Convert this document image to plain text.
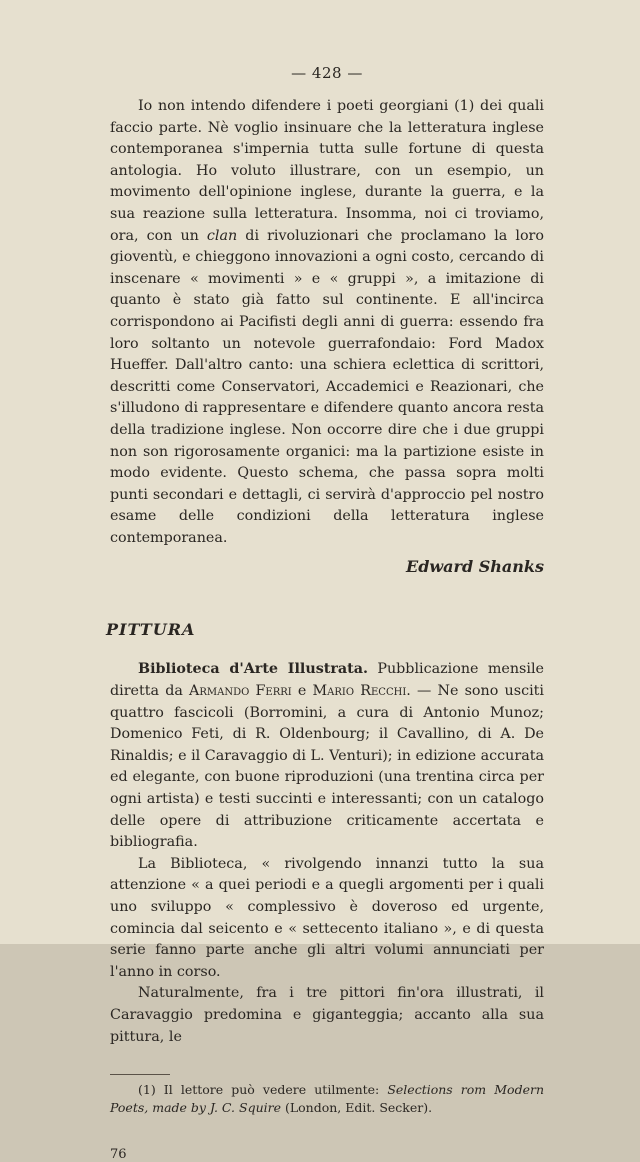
— 428 —

Io non intendo difendere i poeti georgiani (1) dei quali faccio parte. Nè voglio insinuare che la letteratura inglese contemporanea s'impernia tutta sulle fortune di questa antologia. Ho voluto illustrare, con un esempio, un movimento dell'opinione inglese, durante la guerra, e la sua reazione sulla letteratura. Insomma, noi ci troviamo, ora, con un clan di rivoluzionari che proclamano la loro gioventù, e chieggono innovazioni a ogni costo, cercando di inscenare « movimenti » e « gruppi », a imitazione di quanto è stato già fatto sul continente. E all'incirca corrispondono ai Pacifisti degli anni di guerra: essendo fra loro soltanto un notevole guerrafondaio: Ford Madox Hueffer. Dall'altro canto: una schiera eclettica di scrittori, descritti come Conservatori, Accademici e Reazionari, che s'illudono di rappresentare e difendere quanto ancora resta della tradizione inglese. Non occorre dire che i due gruppi non son rigorosamente organici: ma la partizione esiste in modo evidente. Questo schema, che passa sopra molti punti secondari e dettagli, ci servirà d'approccio pel nostro esame delle condizioni della letteratura inglese contemporanea.

Edward Shanks
PITTURA

Biblioteca d'Arte Illustrata. Pubblicazione mensile diretta da Armando Ferri e Mario Recchi. — Ne sono usciti quattro fascicoli (Borromini, a cura di Antonio Munoz; Domenico Feti, di R. Oldenbourg; il Cavallino, di A. De Rinaldis; e il Caravaggio di L. Venturi); in edizione accurata ed elegante, con buone riproduzioni (una trentina circa per ogni artista) e testi succinti e interessanti; con un catalogo delle opere di attribuzione criticamente accertata e bibliografia.

La Biblioteca, « rivolgendo innanzi tutto la sua attenzione « a quei periodi e a quegli argomenti per i quali uno sviluppo « complessivo è doveroso ed urgente, comincia dal seicento e « settecento italiano », e di questa serie fanno parte anche gli altri volumi annunciati per l'anno in corso.

Naturalmente, fra i tre pittori fin'ora illustrati, il Caravaggio predomina e giganteggia; accanto alla sua pittura, le

(1) Il lettore può vedere utilmente: Selections rom Modern Poets, made by J. C. Squire (London, Edit. Secker).

76
